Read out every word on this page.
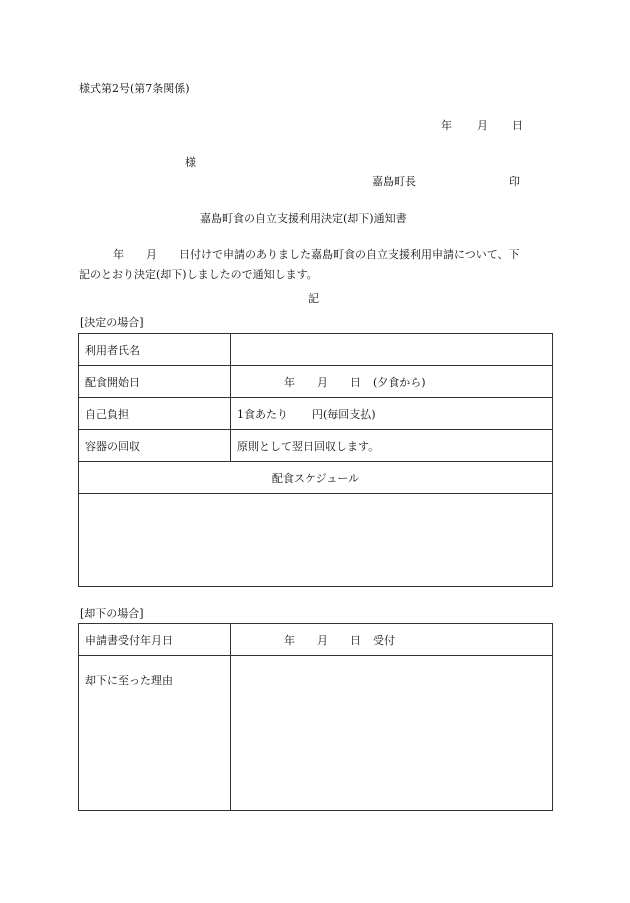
様式第2号(第7条関係)
年 月 日
様
嘉島町長	印
嘉島町食の自立支援利用決定(却下)通知書
年 月 日付けで申請のありました嘉島町食の自立支援利用申請について、下
記のとおり決定(却下)しましたので通知します。
記
[決定の場合]
利用者氏名	
配食開始日	年 月 日 (夕食から)
自己負担	1食あたり 円(毎回支払)
容器の回収	原則として翌日回収します。
配食スケジュール	

[却下の場合]
申請書受付年月日	年 月 日 受付
却下に至った理由	
